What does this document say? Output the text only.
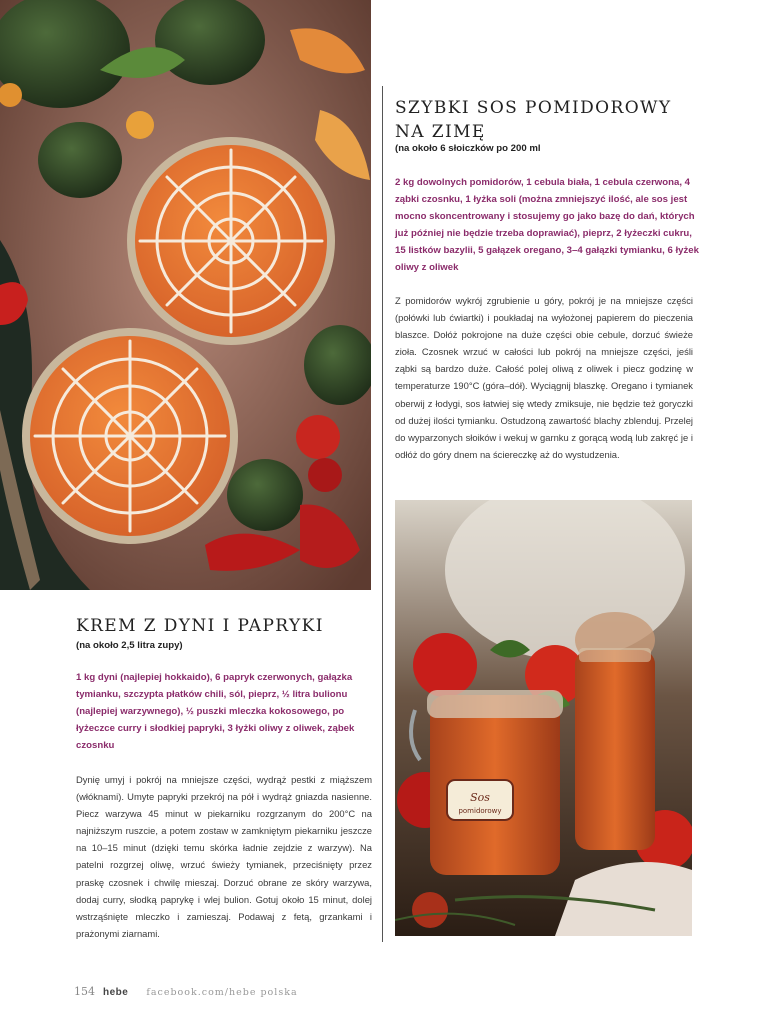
SZYBKI SOS POMIDOROWY NA ZIMĘ

(na około 6 słoiczków po 200 ml

2 kg dowolnych pomidorów, 1 cebula biała, 1 cebula czerwona, 4 ząbki czosnku, 1 łyżka soli (można zmniejszyć ilość, ale sos jest mocno skoncentrowany i stosujemy go jako bazę do dań, których już później nie będzie trzeba doprawiać), pieprz, 2 łyżeczki cukru, 15 listków bazylii, 5 gałązek oregano, 3–4 gałązki tymianku, 6 łyżek oliwy z oliwek

Z pomidorów wykrój zgrubienie u góry, pokrój je na mniejsze części (połówki lub ćwiartki) i poukładaj na wyłożonej papierem do pieczenia blaszce. Dołóż pokrojone na duże części obie cebule, dorzuć świeże zioła. Czosnek wrzuć w całości lub pokrój na mniejsze części, jeśli ząbki są bardzo duże. Całość polej oliwą z oliwek i piecz godzinę w temperaturze 190°C (góra–dół). Wyciągnij blaszkę. Oregano i tymianek oberwij z łodygi, sos łatwiej się wtedy zmiksuje, nie będzie też goryczki od dużej ilości tymianku. Ostudzoną zawartość blachy zblenduj. Przelej do wyparzonych słoików i wekuj w garnku z gorącą wodą lub zakręć je i odłóż do góry dnem na ściereczkę aż do wystudzenia.

KREM Z DYNI I PAPRYKI

(na około 2,5 litra zupy)

1 kg dyni (najlepiej hokkaido), 6 papryk czerwonych, gałązka tymianku, szczypta płatków chili, sól, pieprz, ½ litra bulionu (najlepiej warzywnego), ½ puszki mleczka kokosowego, po łyżeczce curry i słodkiej papryki, 3 łyżki oliwy z oliwek, ząbek czosnku

Dynię umyj i pokrój na mniejsze części, wydrąż pestki z miąższem (włóknami). Umyte papryki przekrój na pół i wydrąż gniazda nasienne. Piecz warzywa 45 minut w piekarniku rozgrzanym do 200°C na najniższym ruszcie, a potem zostaw w zamkniętym piekarniku jeszcze na 10–15 minut (dzięki temu skórka ładnie zejdzie z warzyw). Na patelni rozgrzej oliwę, wrzuć świeży tymianek, przeciśnięty przez praskę czosnek i chwilę mieszaj. Dorzuć obrane ze skóry warzywa, dodaj curry, słodką paprykę i wlej bulion. Gotuj około 15 minut, dolej wstrząśnięte mleczko i zamieszaj. Podawaj z fetą, grzankami i prażonymi ziarnami.

Sos
pomidorowy
154 hebe facebook.com/hebe polska
